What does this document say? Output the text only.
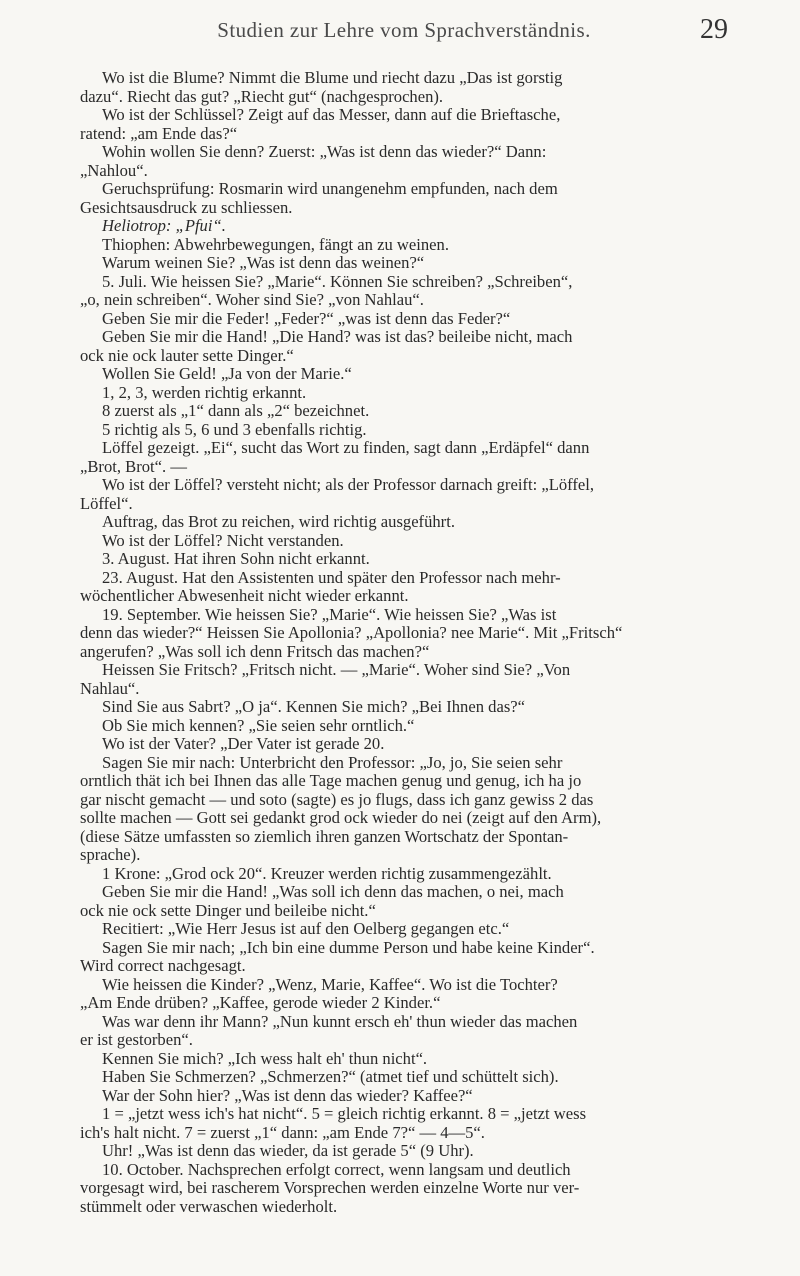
Studien zur Lehre vom Sprachverständnis.	29
Wo ist die Blume? Nimmt die Blume und riecht dazu „Das ist gorstig
dazu“. Riecht das gut? „Riecht gut“ (nachgesprochen).
Wo ist der Schlüssel? Zeigt auf das Messer, dann auf die Brieftasche,
ratend: „am Ende das?“
Wohin wollen Sie denn? Zuerst: „Was ist denn das wieder?“ Dann:
„Nahlou“.
Geruchsprüfung: Rosmarin wird unangenehm empfunden, nach dem
Gesichtsausdruck zu schliessen.
Heliotrop: „Pfui“.
Thiophen: Abwehrbewegungen, fängt an zu weinen.
Warum weinen Sie? „Was ist denn das weinen?“
5. Juli. Wie heissen Sie? „Marie“. Können Sie schreiben? „Schreiben“,
„o, nein schreiben“. Woher sind Sie? „von Nahlau“.
Geben Sie mir die Feder! „Feder?“ „was ist denn das Feder?“
Geben Sie mir die Hand! „Die Hand? was ist das? beileibe nicht, mach
ock nie ock lauter sette Dinger.“
Wollen Sie Geld! „Ja von der Marie.“
1, 2, 3, werden richtig erkannt.
8 zuerst als „1“ dann als „2“ bezeichnet.
5 richtig als 5, 6 und 3 ebenfalls richtig.
Löffel gezeigt. „Ei“, sucht das Wort zu finden, sagt dann „Erdäpfel“ dann
„Brot, Brot“. —
Wo ist der Löffel? versteht nicht; als der Professor darnach greift: „Löffel,
Löffel“.
Auftrag, das Brot zu reichen, wird richtig ausgeführt.
Wo ist der Löffel? Nicht verstanden.
3. August. Hat ihren Sohn nicht erkannt.
23. August. Hat den Assistenten und später den Professor nach mehr-
wöchentlicher Abwesenheit nicht wieder erkannt.
19. September. Wie heissen Sie? „Marie“. Wie heissen Sie? „Was ist
denn das wieder?“ Heissen Sie Apollonia? „Apollonia? nee Marie“. Mit „Fritsch“
angerufen? „Was soll ich denn Fritsch das machen?“
Heissen Sie Fritsch? „Fritsch nicht. — „Marie“. Woher sind Sie? „Von
Nahlau“.
Sind Sie aus Sabrt? „O ja“. Kennen Sie mich? „Bei Ihnen das?“
Ob Sie mich kennen? „Sie seien sehr orntlich.“
Wo ist der Vater? „Der Vater ist gerade 20.
Sagen Sie mir nach: Unterbricht den Professor: „Jo, jo, Sie seien sehr
orntlich thät ich bei Ihnen das alle Tage machen genug und genug, ich ha jo
gar nischt gemacht — und soto (sagte) es jo flugs, dass ich ganz gewiss 2 das
sollte machen — Gott sei gedankt grod ock wieder do nei (zeigt auf den Arm),
(diese Sätze umfassten so ziemlich ihren ganzen Wortschatz der Spontan-
sprache).
1 Krone: „Grod ock 20“. Kreuzer werden richtig zusammengezählt.
Geben Sie mir die Hand! „Was soll ich denn das machen, o nei, mach
ock nie ock sette Dinger und beileibe nicht.“
Recitiert: „Wie Herr Jesus ist auf den Oelberg gegangen etc.“
Sagen Sie mir nach; „Ich bin eine dumme Person und habe keine Kinder“.
Wird correct nachgesagt.
Wie heissen die Kinder? „Wenz, Marie, Kaffee“. Wo ist die Tochter?
„Am Ende drüben? „Kaffee, gerode wieder 2 Kinder.“
Was war denn ihr Mann? „Nun kunnt ersch eh' thun wieder das machen
er ist gestorben“.
Kennen Sie mich? „Ich wess halt eh' thun nicht“.
Haben Sie Schmerzen? „Schmerzen?“ (atmet tief und schüttelt sich).
War der Sohn hier? „Was ist denn das wieder? Kaffee?“
1 = „jetzt wess ich's hat nicht“. 5 = gleich richtig erkannt. 8 = „jetzt wess
ich's halt nicht. 7 = zuerst „1“ dann: „am Ende 7?“ — 4—5“.
Uhr! „Was ist denn das wieder, da ist gerade 5“ (9 Uhr).
10. October. Nachsprechen erfolgt correct, wenn langsam und deutlich
vorgesagt wird, bei rascherem Vorsprechen werden einzelne Worte nur ver-
stümmelt oder verwaschen wiederholt.
